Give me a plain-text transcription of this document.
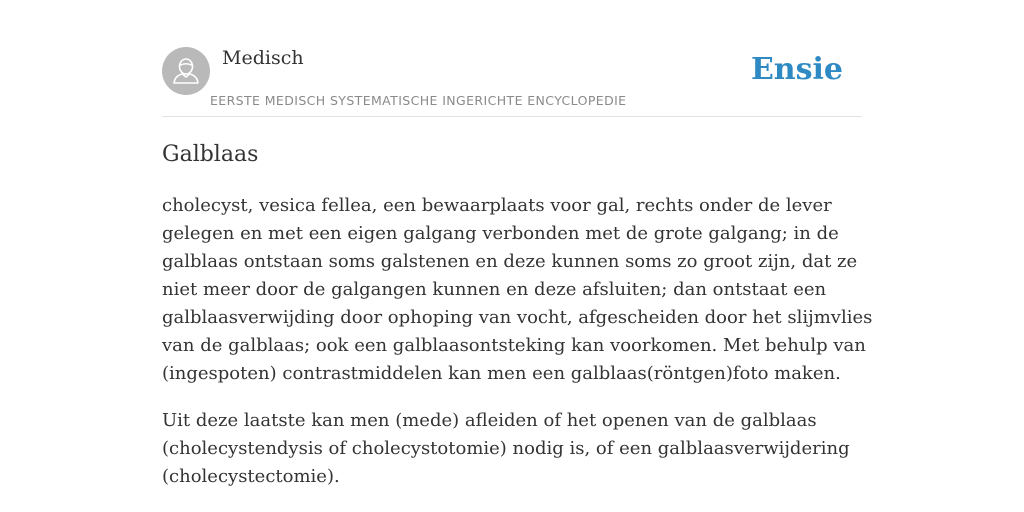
Medisch
EERSTE MEDISCH SYSTEMATISCHE INGERICHTE ENCYCLOPEDIE
Ensie
Galblaas

cholecyst, vesica fellea, een bewaarplaats voor gal, rechts onder de lever gelegen en met een eigen galgang verbonden met de grote galgang; in de galblaas ontstaan soms galstenen en deze kunnen soms zo groot zijn, dat ze niet meer door de galgangen kunnen en deze afsluiten; dan ontstaat een galblaasverwijding door ophoping van vocht, afgescheiden door het slijmvlies van de galblaas; ook een galblaasontsteking kan voorkomen. Met behulp van (ingespoten) contrastmiddelen kan men een galblaas(röntgen)foto maken.

Uit deze laatste kan men (mede) afleiden of het openen van de galblaas (cholecystendysis of cholecystotomie) nodig is, of een galblaasverwijdering (cholecystectomie).
